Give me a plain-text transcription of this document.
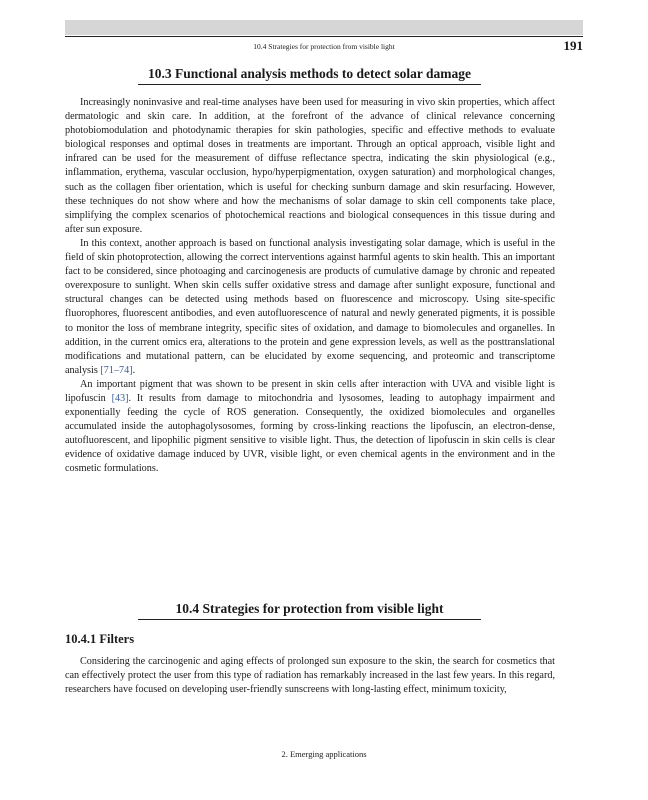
10.4 Strategies for protection from visible light	191
10.3 Functional analysis methods to detect solar damage

Increasingly noninvasive and real-time analyses have been used for measuring in vivo skin properties, which affect dermatologic and skin care. In addition, at the forefront of the advance of clinical relevance concerning photobiomodulation and photodynamic therapies for skin pathologies, specific and effective methods to evaluate biological responses and optimal doses in treatments are important. Through an optical approach, visible light and infrared can be used for the measurement of diffuse reflectance spectra, indicating the skin physiological (e.g., inflammation, erythema, vascular occlusion, hypo/hyperpigmentation, oxygen saturation) and morphological changes, such as the collagen fiber orientation, which is useful for checking sunburn damage and skin resurfacing. However, these techniques do not show where and how the mechanisms of solar damage to skin cell components take place, simplifying the complex scenarios of photochemical reactions and biological consequences in this tissue during and after sun exposure.

In this context, another approach is based on functional analysis investigating solar damage, which is useful in the field of skin photoprotection, allowing the correct interventions against harmful agents to skin health. This an important fact to be considered, since photoaging and carcinogenesis are products of cumulative damage by chronic and repeated overexposure to sunlight. When skin cells suffer oxidative stress and damage after sunlight exposure, functional and structural changes can be detected using methods based on fluorescence and microscopy. Using site-specific fluorophores, fluorescent antibodies, and even autofluorescence of natural and newly generated pigments, it is possible to monitor the loss of membrane integrity, specific sites of oxidation, and damage to biomolecules and organelles. In addition, in the current omics era, alterations to the protein and gene expression levels, as well as the posttranslational modifications and mutational pattern, can be elucidated by exome sequencing, and proteomic and transcriptome analysis [71–74].

An important pigment that was shown to be present in skin cells after interaction with UVA and visible light is lipofuscin [43]. It results from damage to mitochondria and lysosomes, leading to autophagy impairment and exponentially feeding the cycle of ROS generation. Consequently, the oxidized biomolecules and organelles accumulated inside the autophagolysosomes, forming by cross-linking reactions the lipofuscin, an electron-dense, autofluorescent, and lipophilic pigment sensitive to visible light. Thus, the detection of lipofuscin in skin cells is clear evidence of oxidative damage induced by UVR, visible light, or even chemical agents in the environment and in the cosmetic formulations.

10.4 Strategies for protection from visible light
10.4.1 Filters

Considering the carcinogenic and aging effects of prolonged sun exposure to the skin, the search for cosmetics that can effectively protect the user from this type of radiation has remarkably increased in the last few years. In this regard, researchers have focused on developing user-friendly sunscreens with long-lasting effect, minimum toxicity,

2. Emerging applications
